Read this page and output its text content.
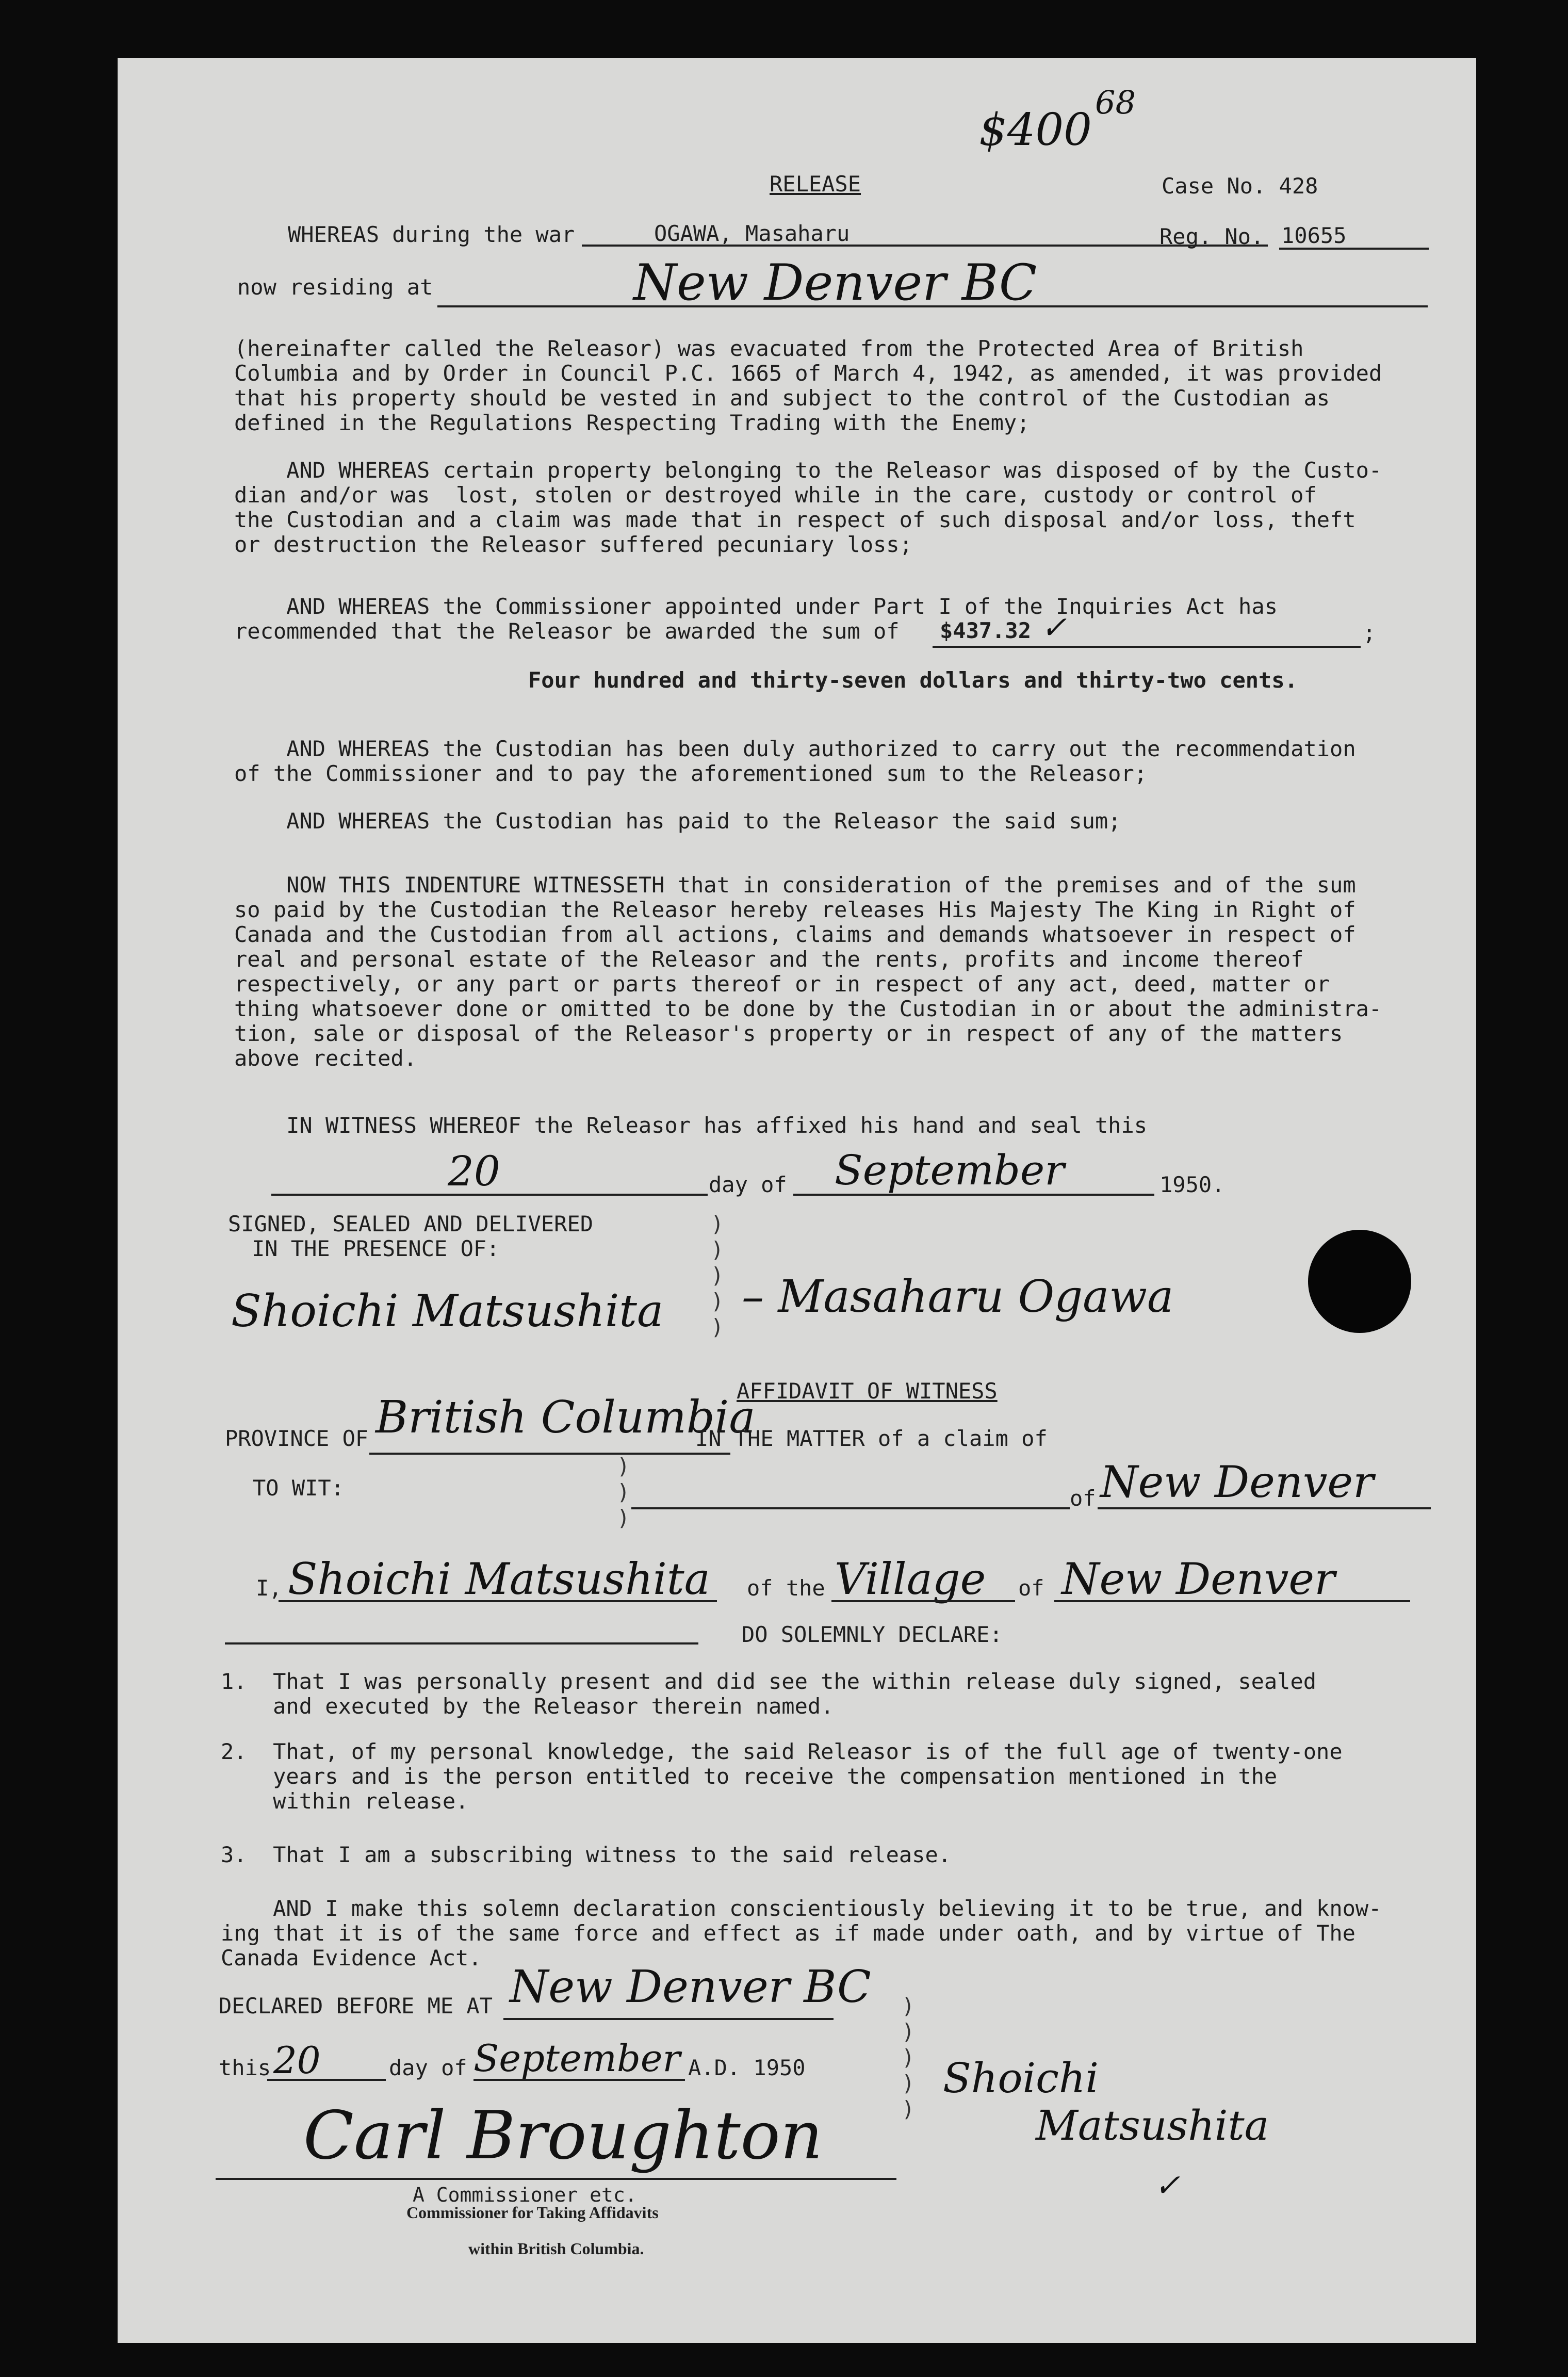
$400
68
RELEASE	Case No. 428
WHEREAS during the war	OGAWA, Masaharu	Reg. No. 10655
now residing at	New Denver BC
(hereinafter called the Releasor) was evacuated from the Protected Area of British
Columbia and by Order in Council P.C. 1665 of March 4, 1942, as amended, it was provided
that his property should be vested in and subject to the control of the Custodian as
defined in the Regulations Respecting Trading with the Enemy;
AND WHEREAS certain property belonging to the Releasor was disposed of by the Custo-
dian and/or was  lost, stolen or destroyed while in the care, custody or control of
the Custodian and a claim was made that in respect of such disposal and/or loss, theft
or destruction the Releasor suffered pecuniary loss;
AND WHEREAS the Commissioner appointed under Part I of the Inquiries Act has
recommended that the Releasor be awarded the sum of $437.32 ✓	;
Four hundred and thirty-seven dollars and thirty-two cents.
AND WHEREAS the Custodian has been duly authorized to carry out the recommendation
of the Commissioner and to pay the aforementioned sum to the Releasor;
AND WHEREAS the Custodian has paid to the Releasor the said sum;
NOW THIS INDENTURE WITNESSETH that in consideration of the premises and of the sum
so paid by the Custodian the Releasor hereby releases His Majesty The King in Right of
Canada and the Custodian from all actions, claims and demands whatsoever in respect of
real and personal estate of the Releasor and the rents, profits and income thereof
respectively, or any part or parts thereof or in respect of any act, deed, matter or
thing whatsoever done or omitted to be done by the Custodian in or about the administra-
tion, sale or disposal of the Releasor's property or in respect of any of the matters
above recited.
IN WITNESS WHEREOF the Releasor has affixed his hand and seal this
20	day of September	1950.
SIGNED, SEALED AND DELIVERED
IN THE PRESENCE OF:
)
)
)
)
)
Shoichi Matsushita – Masaharu Ogawa
AFFIDAVIT OF WITNESS
PROVINCE OF British Columbia
IN THE MATTER of a claim of
)
)
)
TO WIT:	of New Denver
I, Shoichi Matsushita of the Village of New Denver
DO SOLEMNLY DECLARE:
1.  That I was personally present and did see the within release duly signed, sealed
and executed by the Releasor therein named.
2.  That, of my personal knowledge, the said Releasor is of the full age of twenty-one
years and is the person entitled to receive the compensation mentioned in the
within release.
3.  That I am a subscribing witness to the said release.
AND I make this solemn declaration conscientiously believing it to be true, and know-
ing that it is of the same force and effect as if made under oath, and by virtue of The
Canada Evidence Act.
DECLARED BEFORE ME AT New Denver BC
this 20	day of September A.D. 1950
)
)
)
)
)
Shoichi
Matsushita
✓
Carl Broughton
A Commissioner etc.
Commissioner for Taking Affidavits
within British Columbia.
